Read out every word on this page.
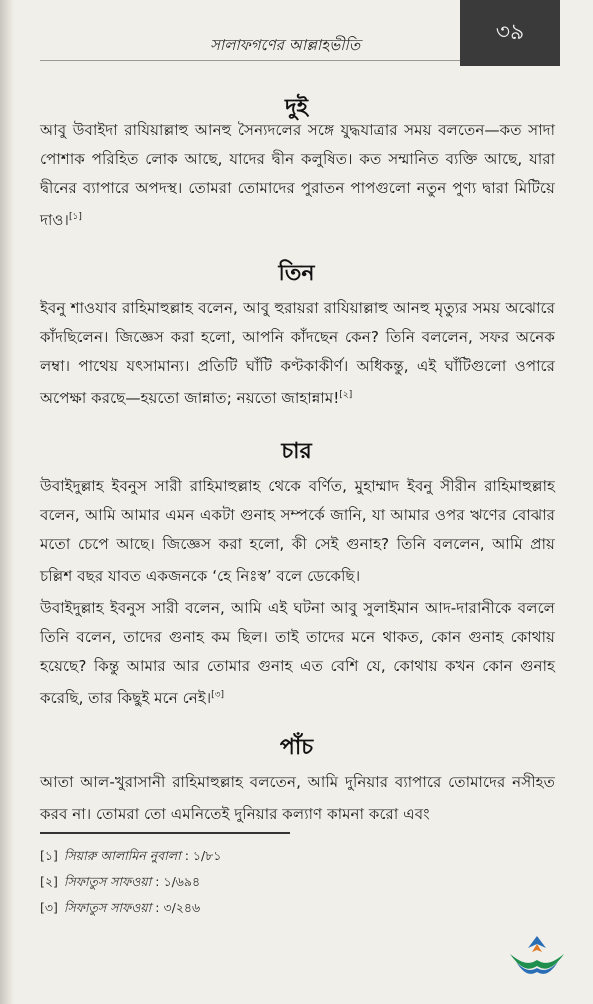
সালাফগণের আল্লাহভীতি
৩৯
দুই

আবু উবাইদা রাযিয়াল্লাহু আনহু সৈন্যদলের সঙ্গে যুদ্ধযাত্রার সময় বলতেন—কত সাদা পোশাক পরিহিত লোক আছে, যাদের দ্বীন কলুষিত। কত সম্মানিত ব্যক্তি আছে, যারা দ্বীনের ব্যাপারে অপদস্থ। তোমরা তোমাদের পুরাতন পাপগুলো নতুন পুণ্য দ্বারা মিটিয়ে দাও।[১]

তিন

ইবনু শাওযাব রাহিমাহুল্লাহ বলেন, আবু হুরায়রা রাযিয়াল্লাহু আনহু মৃত্যুর সময় অঝোরে কাঁদছিলেন। জিজ্ঞেস করা হলো, আপনি কাঁদছেন কেন? তিনি বললেন, সফর অনেক লম্বা। পাথেয় যৎসামান্য। প্রতিটি ঘাঁটি কণ্টকাকীর্ণ। অধিকন্তু, এই ঘাঁটিগুলো ওপারে অপেক্ষা করছে—হয়তো জান্নাত; নয়তো জাহান্নাম![২]

চার

উবাইদুল্লাহ ইবনুস সারী রাহিমাহুল্লাহ থেকে বর্ণিত, মুহাম্মাদ ইবনু সীরীন রাহিমাহুল্লাহ বলেন, আমি আমার এমন একটা গুনাহ সম্পর্কে জানি, যা আমার ওপর ঋণের বোঝার মতো চেপে আছে। জিজ্ঞেস করা হলো, কী সেই গুনাহ? তিনি বললেন, আমি প্রায় চল্লিশ বছর যাবত একজনকে ‘হে নিঃস্ব’ বলে ডেকেছি।

উবাইদুল্লাহ ইবনুস সারী বলেন, আমি এই ঘটনা আবু সুলাইমান আদ-দারানীকে বললে তিনি বলেন, তাদের গুনাহ কম ছিল। তাই তাদের মনে থাকত, কোন গুনাহ কোথায় হয়েছে? কিন্তু আমার আর তোমার গুনাহ এত বেশি যে, কোথায় কখন কোন গুনাহ করেছি, তার কিছুই মনে নেই।[৩]

পাঁচ

আতা আল-খুরাসানী রাহিমাহুল্লাহ বলতেন, আমি দুনিয়ার ব্যাপারে তোমাদের নসীহত করব না। তোমরা তো এমনিতেই দুনিয়ার কল্যাণ কামনা করো এবং

[১] সিয়ারু আলামিন নুবালা : ১/৮১
[২] সিফাতুস সাফওয়া : ১/৬৯৪
[৩] সিফাতুস সাফওয়া : ৩/২৪৬
